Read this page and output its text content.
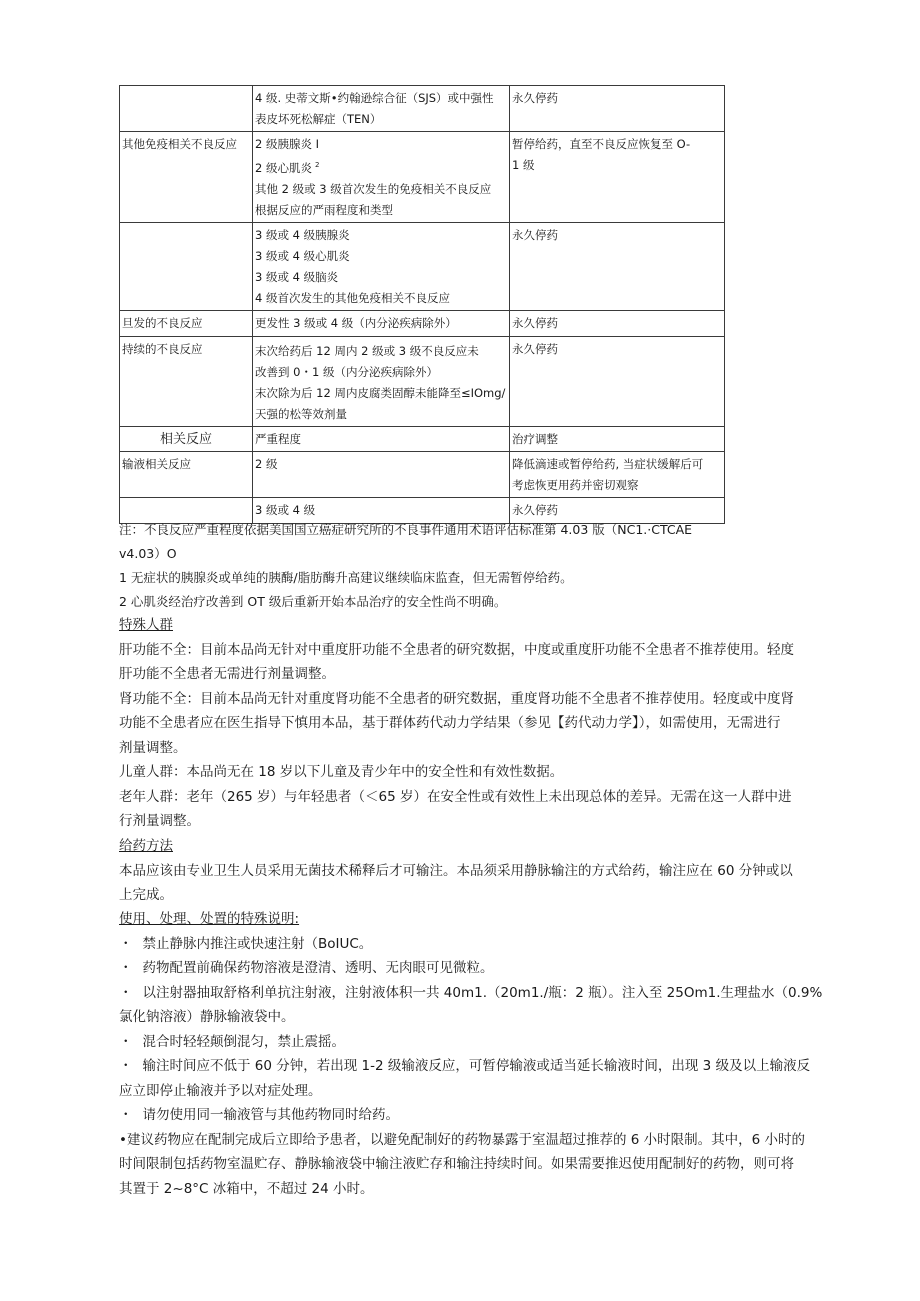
	4 级. 史蒂文斯•约翰逊综合征（SJS）或中强性
表皮坏死松解症（TEN）	永久停药

其他免疫相关不良反应	2 级胰腺炎 I
2 级心肌炎 $^2$
其他 2 级或 3 级首次发生的免疫相关不良反应
根据反应的严雨程度和类型	暂停给药，直至不良反应恢复至 O-
1 级

	3 级或 4 级胰腺炎
3 级或 4 级心肌炎
3 级或 4 级脑炎
4 级首次发生的其他免疫相关不良反应	永久停药

旦发的不良反应	更发性 3 级或 4 级（内分泌疾病除外）	永久停药

持续的不良反应	末次给药后 12 周内 2 级或 3 级不良反应未
改善到 0・1 级（内分泌疾病除外）
末次除为后 12 周内皮腐类固醇未能降至≤IOmg/
天强的松等效剂量	永久停药

相关反应	严重程度	治疗调整

输液相关反应	2 级	降低滴速或暂停给药, 当症状缓解后可
考虑恢更用药并密切观察

	3 级或 4 级	永久停药

注：不良反应严重程度依据美国国立癌症研究所的不良事件通用术语评估标准第 4.03 版（NC1.·CTCAE

v4.03）O

1 无症状的胰腺炎或单纯的胰酶/脂肪酶升高建议继续临床监查，但无需暂停给药。

2 心肌炎经治疗改善到 OT 级后重新开始本品治疗的安全性尚不明确。

特殊人群

肝功能不全：目前本品尚无针对中重度肝功能不全患者的研究数据，中度或重度肝功能不全患者不推荐使用。轻度

肝功能不全患者无需进行剂量调整。

肾功能不全：目前本品尚无针对重度肾功能不全患者的研究数据，重度肾功能不全患者不推荐使用。轻度或中度肾

功能不全患者应在医生指导下慎用本品，基于群体药代动力学结果（参见【药代动力学】），如需使用，无需进行

剂量调整。

儿童人群：本品尚无在 18 岁以下儿童及青少年中的安全性和有效性数据。

老年人群：老年（265 岁）与年轻患者（＜65 岁）在安全性或有效性上未出现总体的差异。无需在这一人群中进

行剂量调整。

给药方法

本品应该由专业卫生人员采用无菌技术稀释后才可输注。本品须采用静脉输注的方式给药，输注应在 60 分钟或以

上完成。

使用、处理、处置的特殊说明:

・ 禁止静脉内推注或快速注射（BoIUC。

・ 药物配置前确保药物溶液是澄清、透明、无肉眼可见微粒。

・ 以注射器抽取舒格利单抗注射液，注射液体积一共 40m1.（20m1./瓶：2 瓶）。注入至 25Om1.生理盐水（0.9%

氯化钠溶液）静脉输液袋中。

・ 混合时轻轻颠倒混匀，禁止震摇。

・ 输注时间应不低于 60 分钟，若出现 1-2 级输液反应，可暂停输液或适当延长输液时间，出现 3 级及以上输液反

应立即停止输液并予以对症处理。

・ 请勿使用同一输液管与其他药物同时给药。

•建议药物应在配制完成后立即给予患者，以避免配制好的药物暴露于室温超过推荐的 6 小时限制。其中，6 小时的

时间限制包括药物室温贮存、静脉输液袋中输注液贮存和输注持续时间。如果需要推迟使用配制好的药物，则可将

其置于 2~8°C 冰箱中，不超过 24 小时。
